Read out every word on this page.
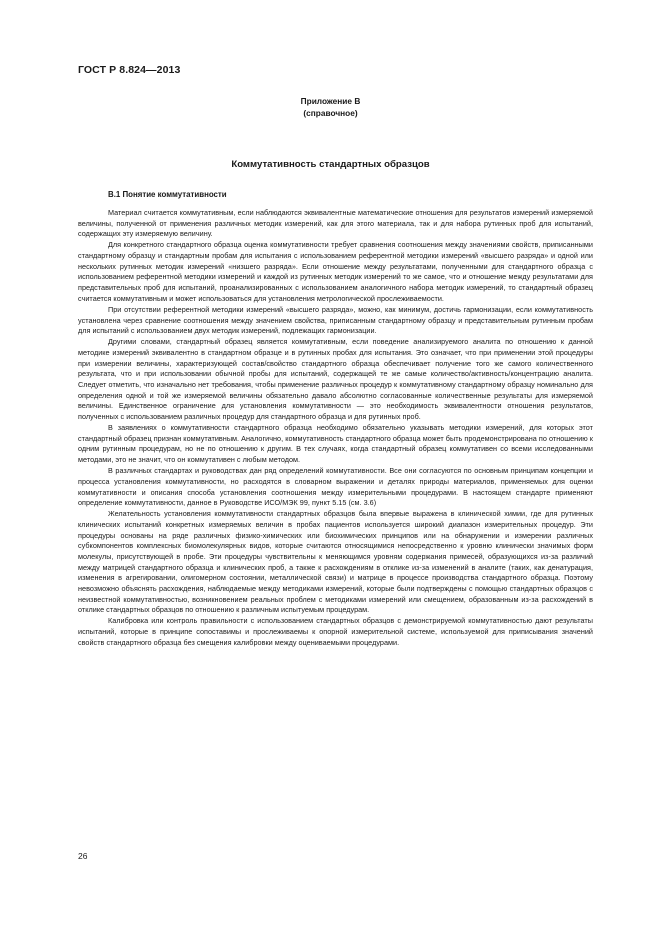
ГОСТ Р 8.824—2013
Приложение В
(справочное)
Коммутативность стандартных образцов
В.1 Понятие коммутативности

Материал считается коммутативным, если наблюдаются эквивалентные математические отношения для результатов измерений измеряемой величины, полученной от применения различных методик измерений, как для этого материала, так и для набора рутинных проб для испытаний, содержащих эту измеряемую величину.

Для конкретного стандартного образца оценка коммутативности требует сравнения соотношения между значениями свойств, приписанными стандартному образцу и стандартным пробам для испытания с использованием референтной методики измерений «высшего разряда» и одной или нескольких рутинных методик измерений «низшего разряда». Если отношение между результатами, полученными для стандартного образца с использованием референтной методики измерений и каждой из рутинных методик измерений то же самое, что и отношение между результатами для представительных проб для испытаний, проанализированных с использованием аналогичного набора методик измерений, то стандартный образец считается коммутативным и может использоваться для установления метрологической прослеживаемости.

При отсутствии референтной методики измерений «высшего разряда», можно, как минимум, достичь гармонизации, если коммутативность установлена через сравнение соотношения между значением свойства, приписанным стандартному образцу и представительным рутинным пробам для испытаний с использованием двух методик измерений, подлежащих гармонизации.

Другими словами, стандартный образец является коммутативным, если поведение анализируемого аналита по отношению к данной методике измерений эквивалентно в стандартном образце и в рутинных пробах для испытания. Это означает, что при применении этой процедуры при измерении величины, характеризующей состав/свойство стандартного образца обеспечивает получение того же самого количественного результата, что и при использовании обычной пробы для испытаний, содержащей те же самые количество/активность/концентрацию аналита. Следует отметить, что изначально нет требования, чтобы применение различных процедур к коммутативному стандартному образцу номинально для определения одной и той же измеряемой величины обязательно давало абсолютно согласованные количественные результаты для измеряемой величины. Единственное ограничение для установления коммутативности — это необходимость эквивалентности отношения результатов, полученных с использованием различных процедур для стандартного образца и для рутинных проб.

В заявлениях о коммутативности стандартного образца необходимо обязательно указывать методики измерений, для которых этот стандартный образец признан коммутативным. Аналогично, коммутативность стандартного образца может быть продемонстрирована по отношению к одним рутинным процедурам, но не по отношению к другим. В тех случаях, когда стандартный образец коммутативен со всеми исследованными методами, это не значит, что он коммутативен с любым методом.

В различных стандартах и руководствах дан ряд определений коммутативности. Все они согласуются по основным принципам концепции и процесса установления коммутативности, но расходятся в словарном выражении и деталях природы материалов, применяемых для оценки коммутативности и описания способа установления соотношения между измерительными процедурами. В настоящем стандарте применяют определение коммутативности, данное в Руководстве ИСО/МЭК 99, пункт 5.15 (см. 3.6)

Желательность установления коммутативности стандартных образцов была впервые выражена в клинической химии, где для рутинных клинических испытаний конкретных измеряемых величин в пробах пациентов используется широкий диапазон измерительных процедур. Эти процедуры основаны на ряде различных физико-химических или биохимических принципов или на обнаружении и измерении различных субкомпонентов комплексных биомолекулярных видов, которые считаются относящимися непосредственно к уровню клинически значимых форм молекулы, присутствующей в пробе. Эти процедуры чувствительны к меняющимся уровням содержания примесей, образующихся из-за различий между матрицей стандартного образца и клинических проб, а также к расхождениям в отклике из-за изменений в аналите (таких, как денатурация, изменения в агрегировании, олигомерном состоянии, металлической связи) и матрице в процессе производства стандартного образца. Поэтому невозможно объяснять расхождения, наблюдаемые между методиками измерений, которые были подтверждены с помощью стандартных образцов с неизвестной коммутативностью, возникновением реальных проблем с методиками измерений или смещением, образованным из-за расхождений в отклике стандартных образцов по отношению к различным испытуемым процедурам.

Калибровка или контроль правильности с использованием стандартных образцов с демонстрируемой коммутативностью дают результаты испытаний, которые в принципе сопоставимы и прослеживаемы к опорной измерительной системе, используемой для приписывания значений свойств стандартного образца без смещения калибровки между оцениваемыми процедурами.

26
